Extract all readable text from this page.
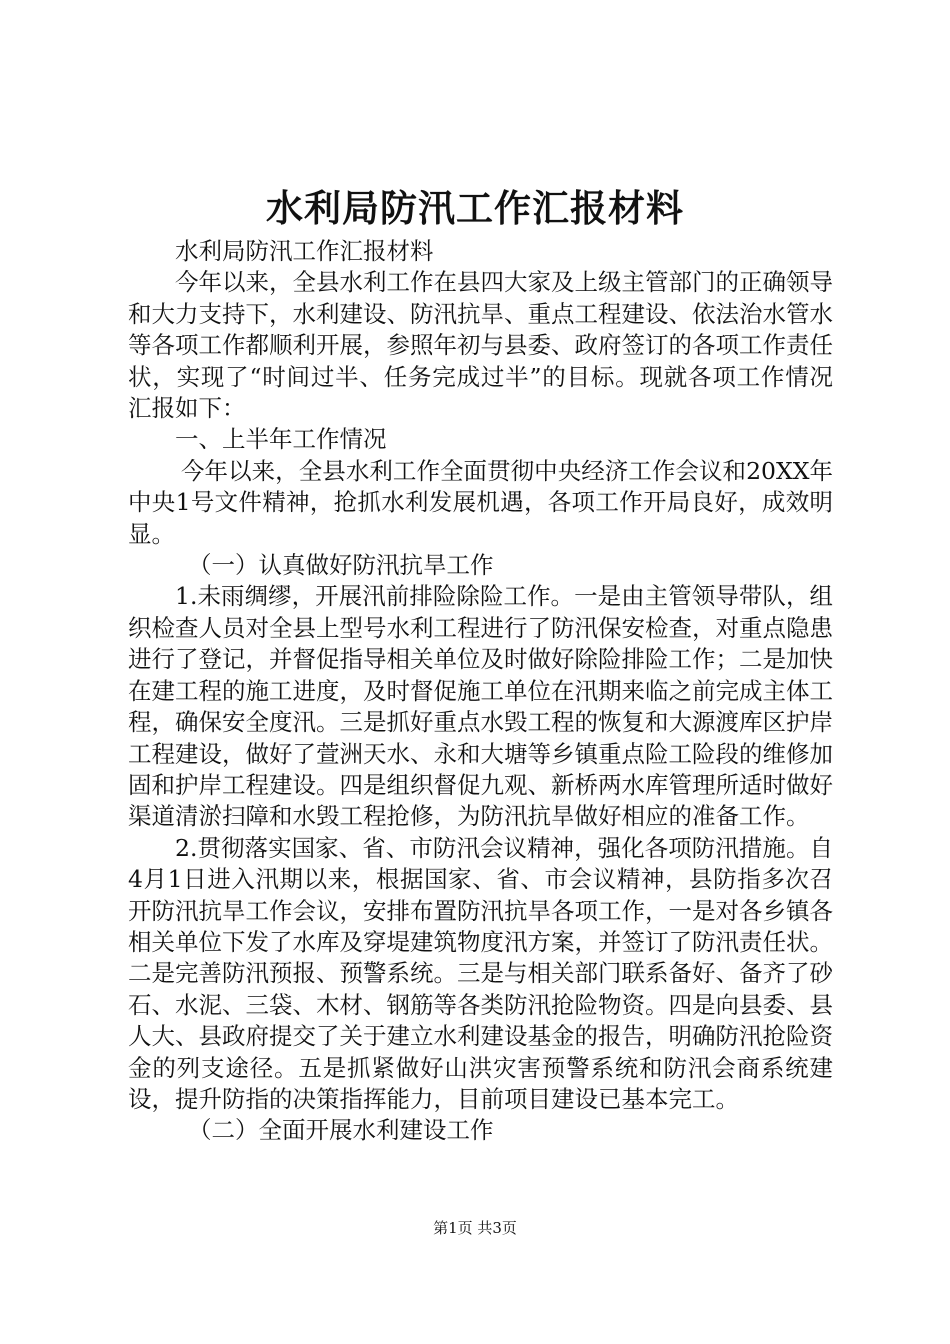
水利局防汛工作汇报材料

水利局防汛工作汇报材料

今年以来，全县水利工作在县四大家及上级主管部门的正确领导和大力支持下，水利建设、防汛抗旱、重点工程建设、依法治水管水等各项工作都顺利开展，参照年初与县委、政府签订的各项工作责任状，实现了“时间过半、任务完成过半”的目标。现就各项工作情况汇报如下：

一、上半年工作情况

今年以来，全县水利工作全面贯彻中央经济工作会议和20XX年中央1号文件精神，抢抓水利发展机遇，各项工作开局良好，成效明显。

（一）认真做好防汛抗旱工作

1.未雨绸缪，开展汛前排险除险工作。一是由主管领导带队，组织检查人员对全县上型号水利工程进行了防汛保安检查，对重点隐患进行了登记，并督促指导相关单位及时做好除险排险工作；二是加快在建工程的施工进度，及时督促施工单位在汛期来临之前完成主体工程，确保安全度汛。三是抓好重点水毁工程的恢复和大源渡库区护岸工程建设，做好了萱洲天水、永和大塘等乡镇重点险工险段的维修加固和护岸工程建设。四是组织督促九观、新桥两水库管理所适时做好渠道清淤扫障和水毁工程抢修，为防汛抗旱做好相应的准备工作。

2.贯彻落实国家、省、市防汛会议精神，强化各项防汛措施。自4月1日进入汛期以来，根据国家、省、市会议精神，县防指多次召开防汛抗旱工作会议，安排布置防汛抗旱各项工作，一是对各乡镇各相关单位下发了水库及穿堤建筑物度汛方案，并签订了防汛责任状。二是完善防汛预报、预警系统。三是与相关部门联系备好、备齐了砂石、水泥、三袋、木材、钢筋等各类防汛抢险物资。四是向县委、县人大、县政府提交了关于建立水利建设基金的报告，明确防汛抢险资金的列支途径。五是抓紧做好山洪灾害预警系统和防汛会商系统建设，提升防指的决策指挥能力，目前项目建设已基本完工。

（二）全面开展水利建设工作

第1页 共3页
